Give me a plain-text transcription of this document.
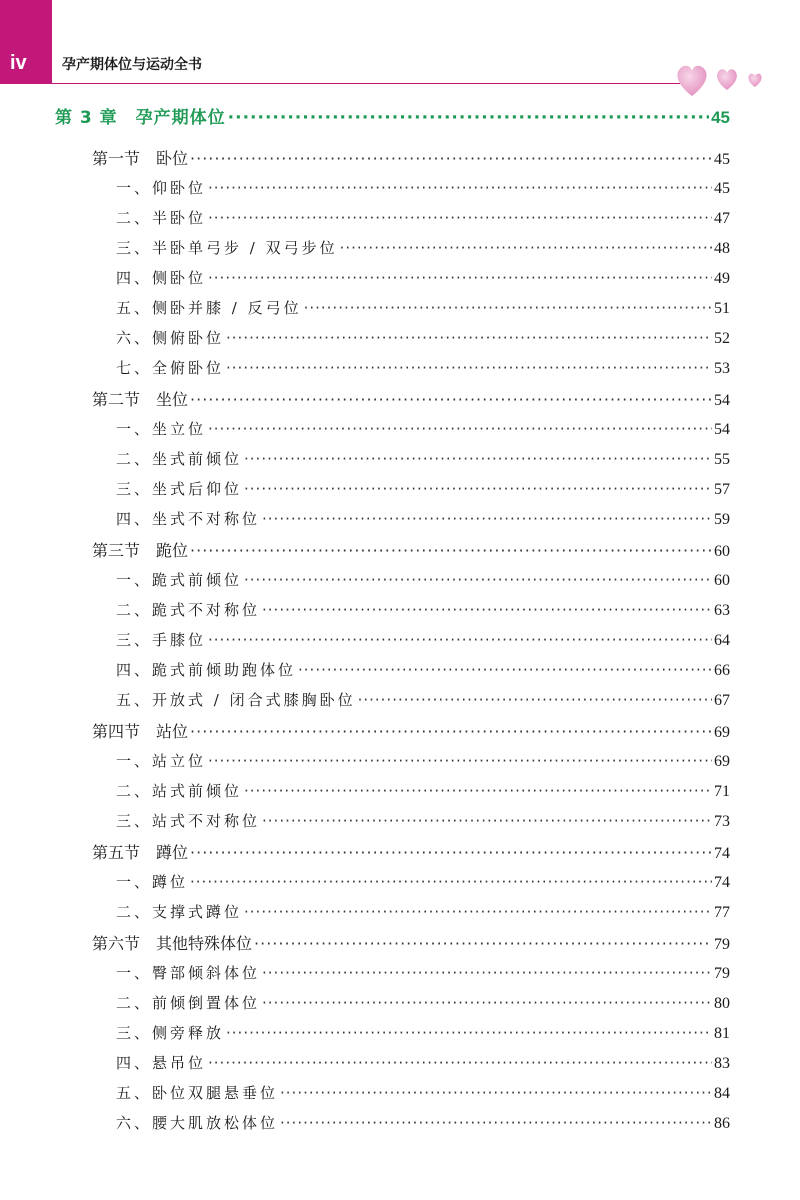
iv	孕产期体位与运动全书
第 3 章　孕产期体位 ·····	45
第一节　卧位 ·····	45
一、仰卧位 ·····	45
二、半卧位 ·····	47
三、半卧单弓步 / 双弓步位 ·····	48
四、侧卧位 ·····	49
五、侧卧并膝 / 反弓位 ·····	51
六、侧俯卧位 ·····	52
七、全俯卧位 ·····	53
第二节　坐位 ·····	54
一、坐立位 ·····	54
二、坐式前倾位 ·····	55
三、坐式后仰位 ·····	57
四、坐式不对称位 ·····	59
第三节　跪位 ·····	60
一、跪式前倾位 ·····	60
二、跪式不对称位 ·····	63
三、手膝位 ·····	64
四、跪式前倾助跑体位 ·····	66
五、开放式 / 闭合式膝胸卧位 ·····	67
第四节　站位 ·····	69
一、站立位 ·····	69
二、站式前倾位 ·····	71
三、站式不对称位 ·····	73
第五节　蹲位 ·····	74
一、蹲位 ·····	74
二、支撑式蹲位 ·····	77
第六节　其他特殊体位 ·····	79
一、臀部倾斜体位 ·····	79
二、前倾倒置体位 ·····	80
三、侧旁释放 ·····	81
四、悬吊位 ·····	83
五、卧位双腿悬垂位 ·····	84
六、腰大肌放松体位 ·····	86
